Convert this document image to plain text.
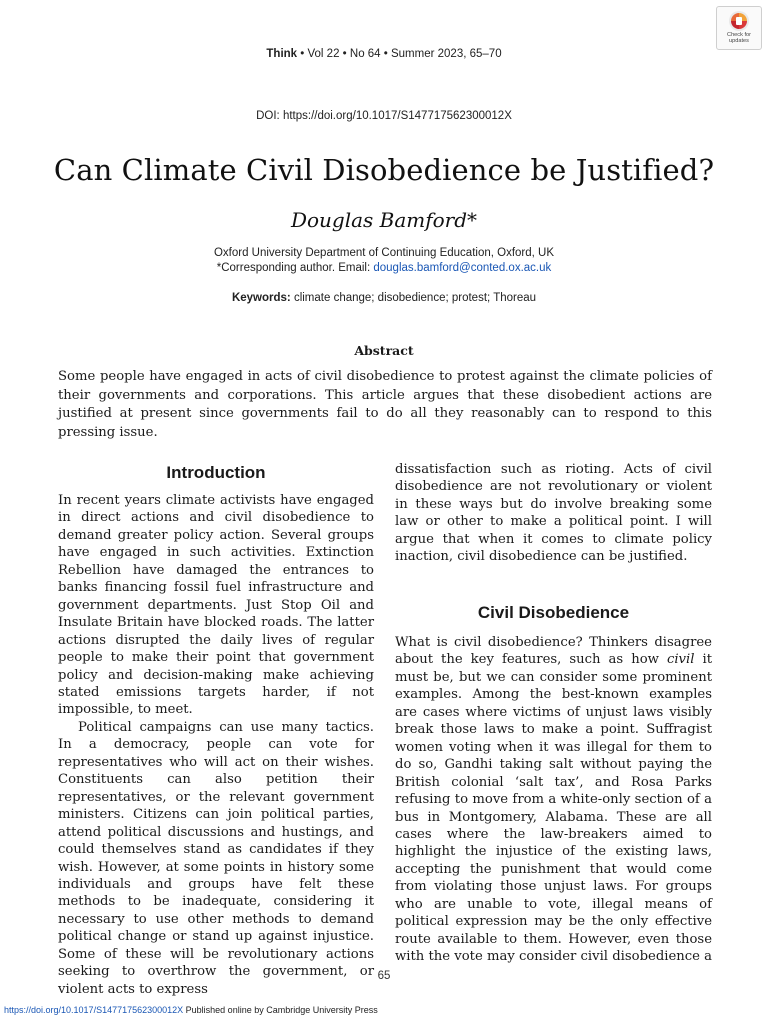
Check for
updates
Think • Vol 22 • No 64 • Summer 2023, 65–70
DOI: https://doi.org/10.1017/S147717562300012X
Can Climate Civil Disobedience be Justified?
Douglas Bamford*
Oxford University Department of Continuing Education, Oxford, UK
*Corresponding author. Email: douglas.bamford@conted.ox.ac.uk
Keywords: climate change; disobedience; protest; Thoreau
Abstract
Some people have engaged in acts of civil disobedience to protest against the climate policies of their governments and corporations. This article argues that these disobedient actions are justified at present since governments fail to do all they reasonably can to respond to this pressing issue.
Introduction

In recent years climate activists have engaged in direct actions and civil disobedience to demand greater policy action. Several groups have engaged in such activities. Extinction Rebellion have damaged the entrances to banks financing fossil fuel infrastructure and government departments. Just Stop Oil and Insulate Britain have blocked roads. The latter actions disrupted the daily lives of regular people to make their point that government policy and decision-making make achieving stated emissions targets harder, if not impossible, to meet.

Political campaigns can use many tactics. In a democracy, people can vote for representatives who will act on their wishes. Constituents can also petition their representatives, or the relevant government ministers. Citizens can join political parties, attend political discussions and hustings, and could themselves stand as candidates if they wish. However, at some points in history some individuals and groups have felt these methods to be inadequate, considering it necessary to use other methods to demand political change or stand up against injustice. Some of these will be revolutionary actions seeking to overthrow the government, or violent acts to express

dissatisfaction such as rioting. Acts of civil disobedience are not revolutionary or violent in these ways but do involve breaking some law or other to make a political point. I will argue that when it comes to climate policy inaction, civil disobedience can be justified.

Civil Disobedience

What is civil disobedience? Thinkers disagree about the key features, such as how civil it must be, but we can consider some prominent examples. Among the best-known examples are cases where victims of unjust laws visibly break those laws to make a point. Suffragist women voting when it was illegal for them to do so, Gandhi taking salt without paying the British colonial ‘salt tax’, and Rosa Parks refusing to move from a white-only section of a bus in Montgomery, Alabama. These are all cases where the law-breakers aimed to highlight the injustice of the existing laws, accepting the punishment that would come from violating those unjust laws. For groups who are unable to vote, illegal means of political expression may be the only effective route available to them. However, even those with the vote may consider civil disobedience a

65
https://doi.org/10.1017/S147717562300012X Published online by Cambridge University Press
